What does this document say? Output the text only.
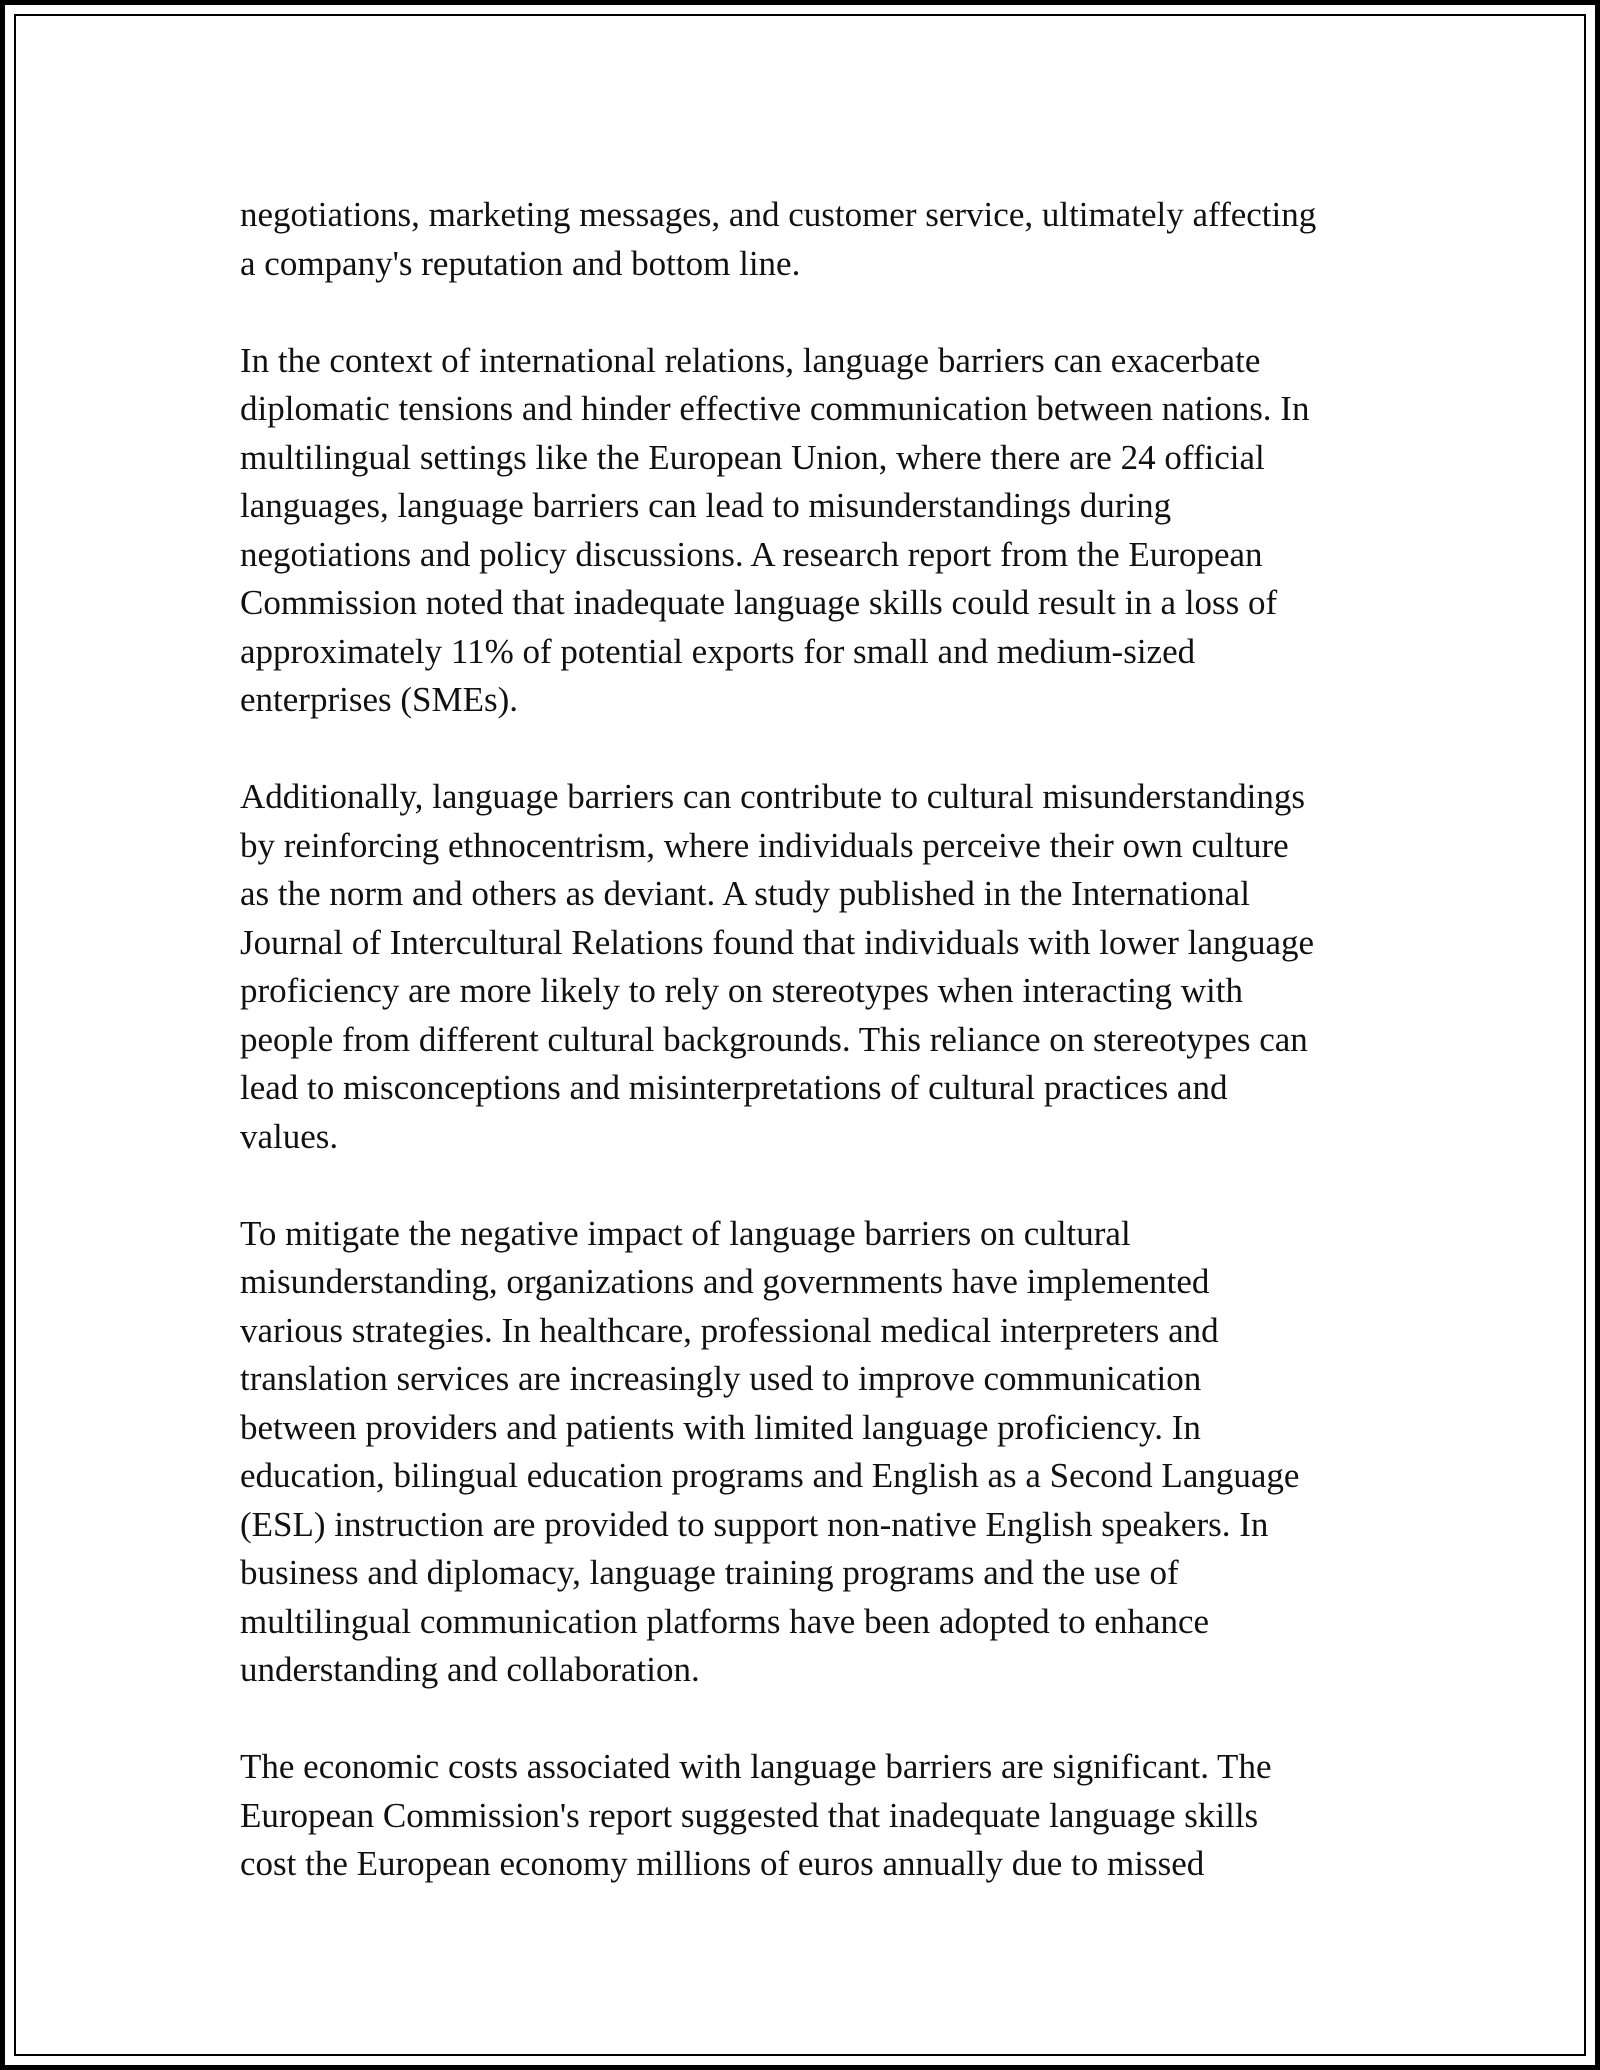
negotiations, marketing messages, and customer service, ultimately affecting
a company's reputation and bottom line.

In the context of international relations, language barriers can exacerbate
diplomatic tensions and hinder effective communication between nations. In
multilingual settings like the European Union, where there are 24 official
languages, language barriers can lead to misunderstandings during
negotiations and policy discussions. A research report from the European
Commission noted that inadequate language skills could result in a loss of
approximately 11% of potential exports for small and medium-sized
enterprises (SMEs).

Additionally, language barriers can contribute to cultural misunderstandings
by reinforcing ethnocentrism, where individuals perceive their own culture
as the norm and others as deviant. A study published in the International
Journal of Intercultural Relations found that individuals with lower language
proficiency are more likely to rely on stereotypes when interacting with
people from different cultural backgrounds. This reliance on stereotypes can
lead to misconceptions and misinterpretations of cultural practices and
values.

To mitigate the negative impact of language barriers on cultural
misunderstanding, organizations and governments have implemented
various strategies. In healthcare, professional medical interpreters and
translation services are increasingly used to improve communication
between providers and patients with limited language proficiency. In
education, bilingual education programs and English as a Second Language
(ESL) instruction are provided to support non-native English speakers. In
business and diplomacy, language training programs and the use of
multilingual communication platforms have been adopted to enhance
understanding and collaboration.

The economic costs associated with language barriers are significant. The
European Commission's report suggested that inadequate language skills
cost the European economy millions of euros annually due to missed
